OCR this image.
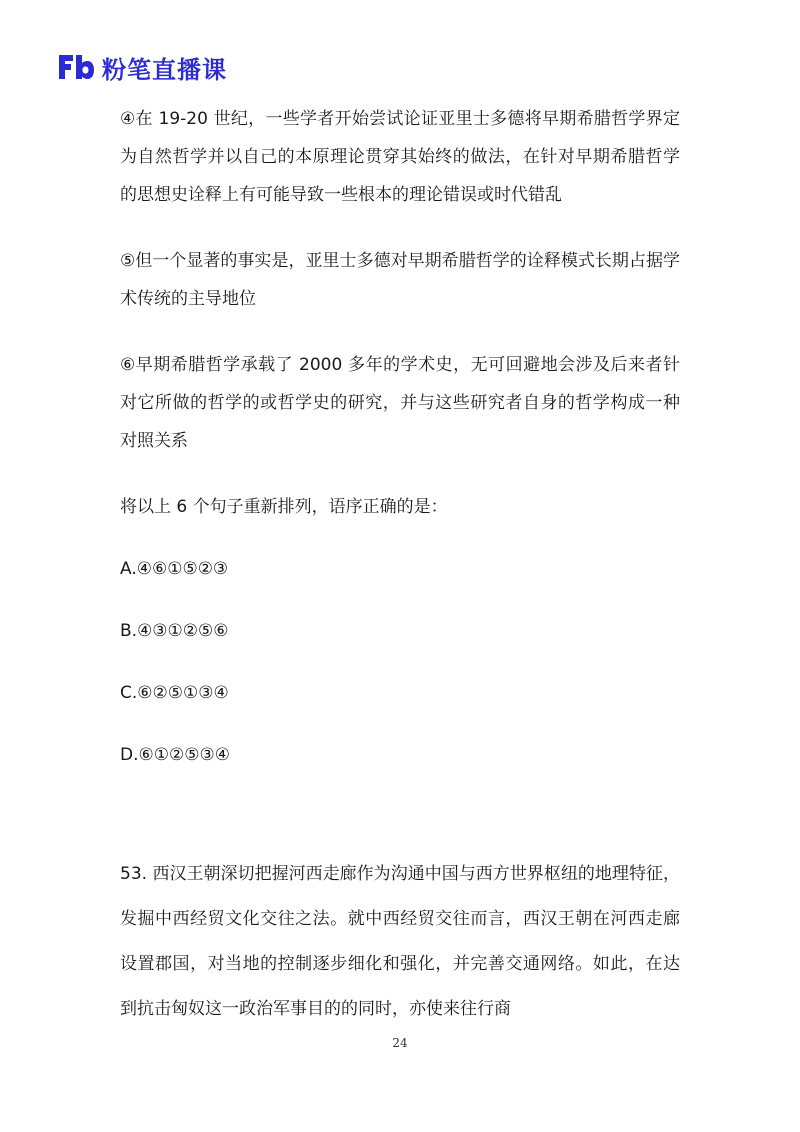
粉笔直播课

④在 19-20 世纪，一些学者开始尝试论证亚里士多德将早期希腊哲学界定为自然哲学并以自己的本原理论贯穿其始终的做法，在针对早期希腊哲学的思想史诠释上有可能导致一些根本的理论错误或时代错乱

⑤但一个显著的事实是，亚里士多德对早期希腊哲学的诠释模式长期占据学术传统的主导地位

⑥早期希腊哲学承载了 2000 多年的学术史，无可回避地会涉及后来者针对它所做的哲学的或哲学史的研究，并与这些研究者自身的哲学构成一种对照关系

将以上 6 个句子重新排列，语序正确的是：

A.④⑥①⑤②③

B.④③①②⑤⑥

C.⑥②⑤①③④

D.⑥①②⑤③④

53. 西汉王朝深切把握河西走廊作为沟通中国与西方世界枢纽的地理特征，发掘中西经贸文化交往之法。就中西经贸交往而言，西汉王朝在河西走廊设置郡国，对当地的控制逐步细化和强化，并完善交通网络。如此，在达到抗击匈奴这一政治军事目的的同时，亦使来往行商

24
